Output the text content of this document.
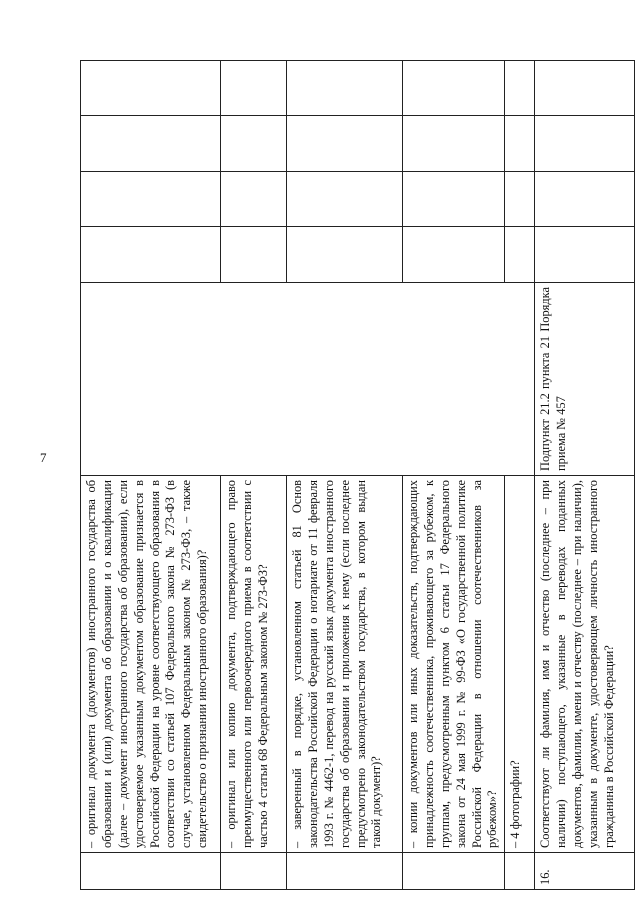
7
	– оригинал документа (документов) иностранного государства об образовании и (или) документа об образовании и о квалификации (далее – документ иностранного государства об образовании), если удостоверяемое указанным документом образование признается в Российской Федерации на уровне соответствующего образования в соответствии со статьей 107 Федерального закона № 273-ФЗ (в случае, установленном Федеральным законом № 273-ФЗ, – также свидетельство о признании иностранного образования)?					
	– оригинал или копию документа, подтверждающего право преимущественного или первоочередного приема в соответствии с частью 4 статьи 68 Федеральным законом № 273-ФЗ?					
	– заверенный в порядке, установленном статьей 81 Основ законодательства Российской Федерации о нотариате от 11 февраля 1993 г. № 4462-1, перевод на русский язык документа иностранного государства об образовании и приложения к нему (если последнее предусмотрено законодательством государства, в котором выдан такой документ)?					
	– копии документов или иных доказательств, подтверждающих принадлежность соотечественника, проживающего за рубежом, к группам, предусмотренным пунктом 6 статьи 17 Федерального закона от 24 мая 1999 г. № 99-ФЗ «О государственной политике Российской Федерации в отношении соотечественников за рубежом»?					
	– 4 фотографии?					
16.	Соответствуют ли фамилия, имя и отчество (последнее – при наличии) поступающего, указанные в переводах поданных документов, фамилии, имени и отчеству (последнее – при наличии), указанным в документе, удостоверяющем личность иностранного гражданина в Российской Федерации?	Подпункт 21.2 пункта 21 Порядка приема № 457				
